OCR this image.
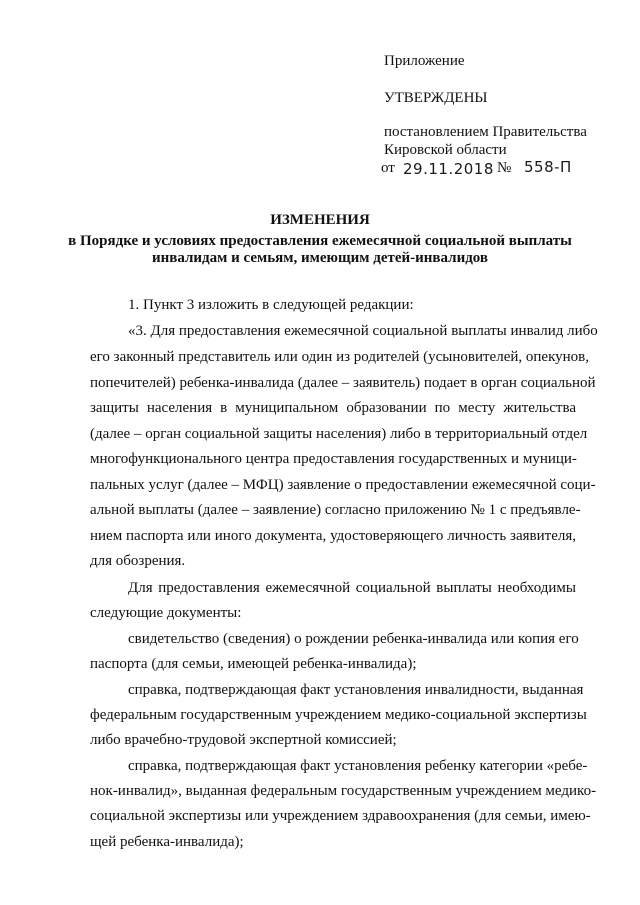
Приложение
УТВЕРЖДЕНЫ
постановлением Правительства
Кировской области
от 29.11.2018 № 558-П
ИЗМЕНЕНИЯ
в Порядке и условиях предоставления ежемесячной социальной выплаты
инвалидам и семьям, имеющим детей-инвалидов
1. Пункт 3 изложить в следующей редакции:
«3. Для предоставления ежемесячной социальной выплаты инвалид либо
его законный представитель или один из родителей (усыновителей, опекунов,
попечителей) ребенка-инвалида (далее – заявитель) подает в орган социальной
защиты населения в муниципальном образовании по месту жительства
(далее – орган социальной защиты населения) либо в территориальный отдел
многофункционального центра предоставления государственных и муници-
пальных услуг (далее – МФЦ) заявление о предоставлении ежемесячной соци-
альной выплаты (далее – заявление) согласно приложению № 1 с предъявле-
нием паспорта или иного документа, удостоверяющего личность заявителя,
для обозрения.
Для предоставления ежемесячной социальной выплаты необходимы
следующие документы:
свидетельство (сведения) о рождении ребенка-инвалида или копия его
паспорта (для семьи, имеющей ребенка-инвалида);
справка, подтверждающая факт установления инвалидности, выданная
федеральным государственным учреждением медико-социальной экспертизы
либо врачебно-трудовой экспертной комиссией;
справка, подтверждающая факт установления ребенку категории «ребе-
нок-инвалид», выданная федеральным государственным учреждением медико-
социальной экспертизы или учреждением здравоохранения (для семьи, имею-
щей ребенка-инвалида);
